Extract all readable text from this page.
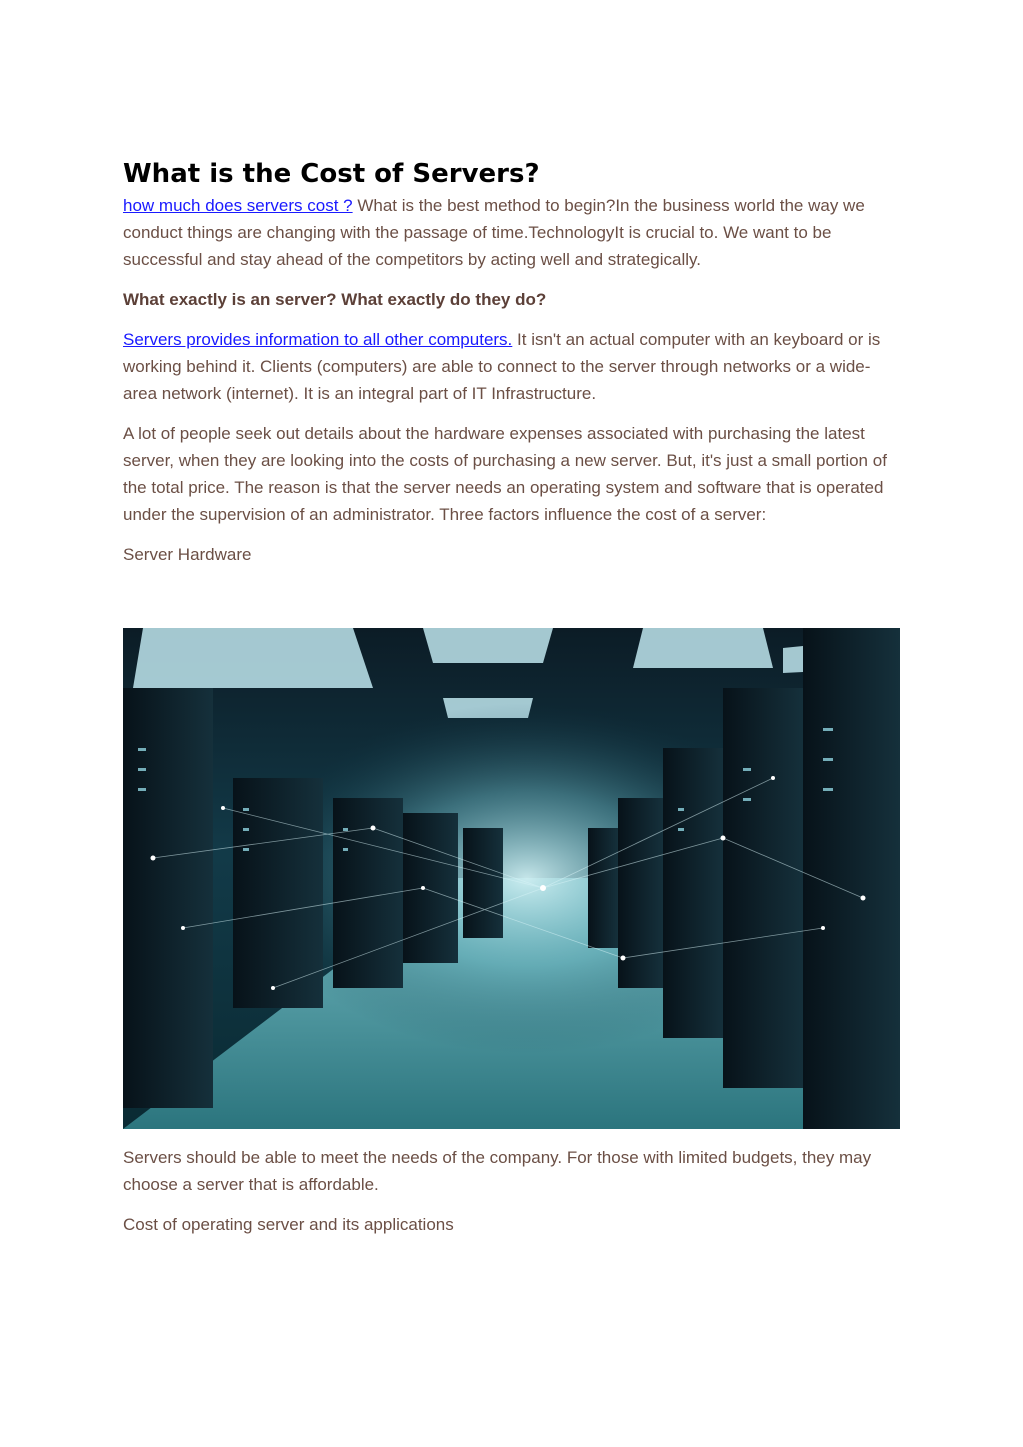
What is the Cost of Servers?

how much does servers cost ? What is the best method to begin?In the business world the way we conduct things are changing with the passage of time.TechnologyIt is crucial to. We want to be successful and stay ahead of the competitors by acting well and strategically.

What exactly is an server? What exactly do they do?

Servers provides information to all other computers. It isn't an actual computer with an keyboard or is working behind it. Clients (computers) are able to connect to the server through networks or a wide-area network (internet). It is an integral part of IT Infrastructure.

A lot of people seek out details about the hardware expenses associated with purchasing the latest server, when they are looking into the costs of purchasing a new server. But, it's just a small portion of the total price. The reason is that the server needs an operating system and software that is operated under the supervision of an administrator. Three factors influence the cost of a server:

Server Hardware

Servers should be able to meet the needs of the company. For those with limited budgets, they may choose a server that is affordable.

Cost of operating server and its applications
